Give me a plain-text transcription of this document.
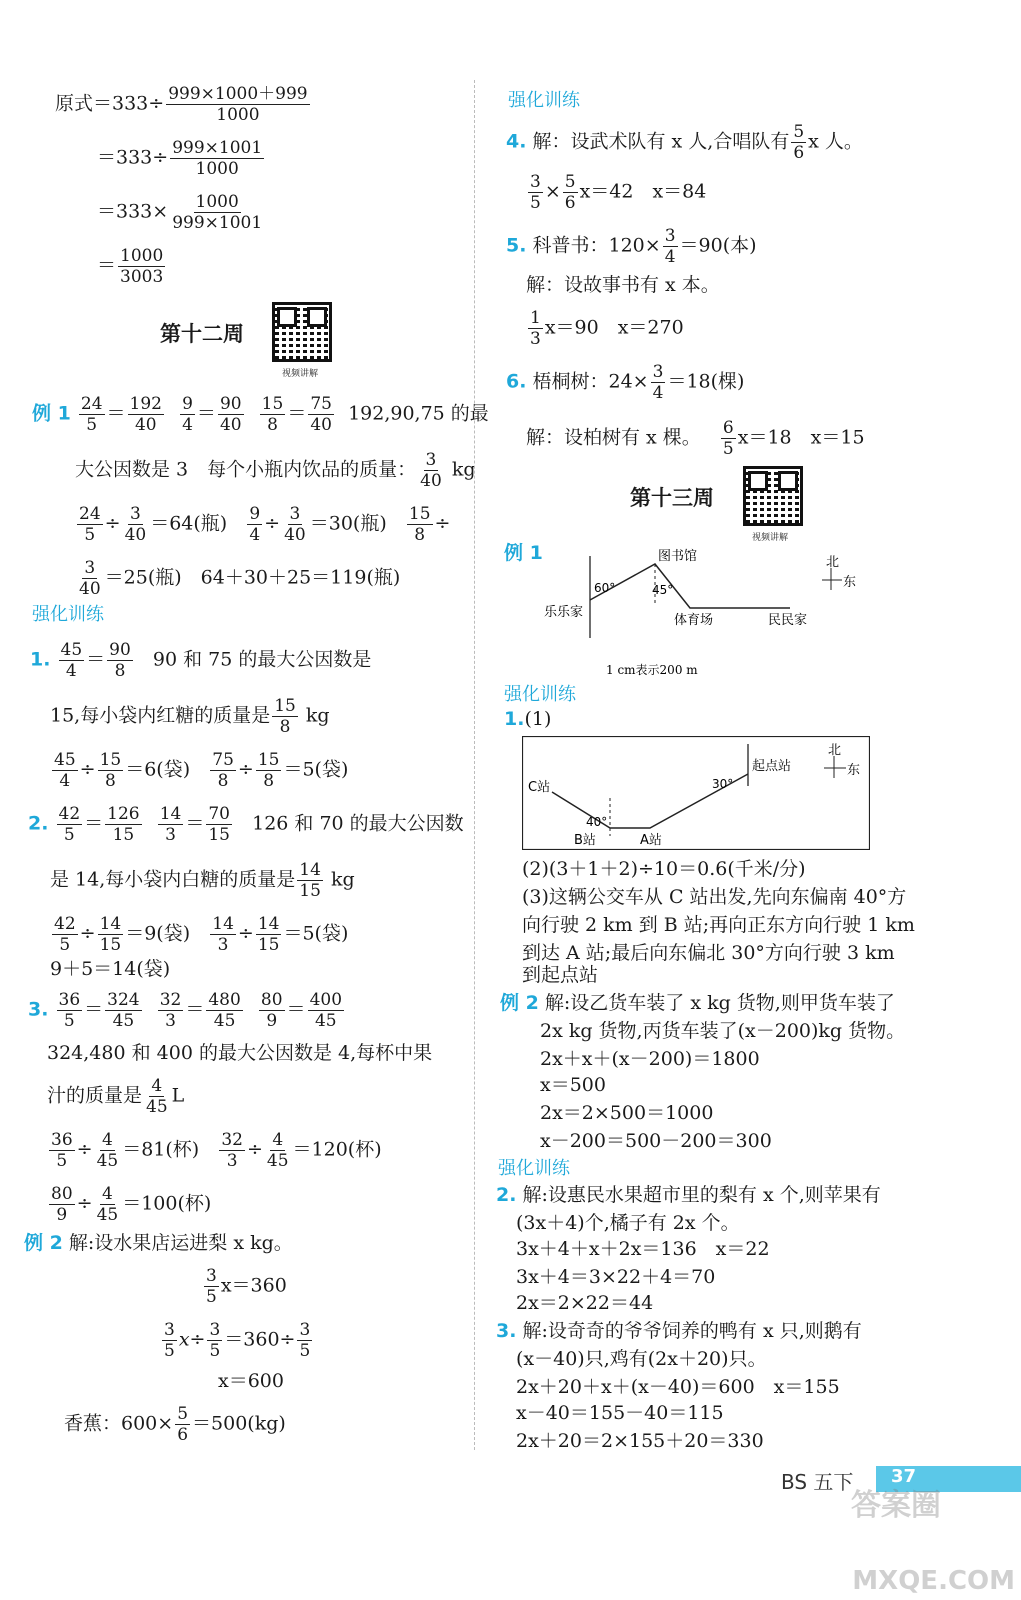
原式$=333\div \frac{999\times 1000+999}{1000}$
$=333\div \frac{999\times 1001}{1000}$
$=333\times \frac{1000}{999\times 1001}$
＝ $\frac{1000}{3003}$
第十二周
视频讲解
例 $1 \frac{24}{5} = \frac{192}{40}$
$\frac{9}{4} = \frac{90}{40}$
$\frac{15}{8} = \frac{75}{40} 192,90,75$ 的最
大公因数是 3　每个小瓶内饮品的质量： $\frac{3}{40}$ kg
$\frac{24}{5} \div \frac{3}{40} =64$(瓶) $\frac{9}{4} \div \frac{3}{40} =30$(瓶) $\frac{15}{8}$ ÷
$\frac{3}{40} =25$(瓶)　64＋30＋25＝119(瓶)
强化训练
1. $\frac{45}{4} = \frac{90}{8} 90$ 和 75 的最大公因数是
15,每小袋内红糖的质量是 $\frac{15}{8}$ kg
$\frac{45}{4} \div \frac{15}{8} =6$(袋) $\frac{75}{8} \div \frac{15}{8} =5$(袋)
2. $\frac{42}{5} = \frac{126}{15}$
$\frac{14}{3} = \frac{70}{15} 126$ 和 70 的最大公因数
是 14,每小袋内白糖的质量是 $\frac{14}{15}$ kg
$\frac{42}{5} \div \frac{14}{15} =9$(袋) $\frac{14}{3} \div \frac{14}{15} =5$(袋)
9＋5＝14(袋)
3. $\frac{36}{5} = \frac{324}{45}$
$\frac{32}{3} = \frac{480}{45}$
$\frac{80}{9} = \frac{400}{45}$
324,480 和 400 的最大公因数是 4,每杯中果
汁的质量是 $\frac{4}{45}$ L
$\frac{36}{5} \div \frac{4}{45} =81$(杯) $\frac{32}{3} \div \frac{4}{45} =120$(杯)
$\frac{80}{9} \div \frac{4}{45} =100$(杯)
例 2 解:设水果店运进梨 x kg。
$\frac{3}{5} x=360$
$\frac{3}{5} x\div \frac{3}{5} =360\div \frac{3}{5}$
x＝600
香蕉：$600\times \frac{5}{6} =500(kg)$
强化训练
4. 解：设武术队有 x 人,合唱队有 $\frac{5}{6}$ x 人。
$\frac{3}{5} \times \frac{5}{6} x=42$　x＝84
5. 科普书：$120\times \frac{3}{4} =90$(本)
解：设故事书有 x 本。
$\frac{1}{3} x=90$　x＝270
6. 梧桐树：$24\times \frac{3}{4} =18$(棵)
解：设柏树有 x 棵。 $\frac{6}{5} x=18$　x＝15
第十三周
视频讲解
例 1	图书馆
60°	45°
乐乐家
体育场	民民家
北
东
1 cm表示200 m
强化训练
1.(1)
C站
B站	A站
起点站
40°
30°
北
东
(2)(3＋1＋2)÷10＝0.6(千米/分)
(3)这辆公交车从 C 站出发,先向东偏南 40°方
向行驶 2 km 到 B 站;再向正东方向行驶 1 km
到达 A 站;最后向东偏北 30°方向行驶 3 km
到起点站
例 2 解:设乙货车装了 x kg 货物,则甲货车装了
2x kg 货物,丙货车装了(x－200)kg 货物。
2x＋x＋(x－200)＝1800
x＝500
2x＝2×500＝1000
x－200＝500－200＝300
强化训练
2. 解:设惠民水果超市里的梨有 x 个,则苹果有
(3x＋4)个,橘子有 2x 个。
3x＋4＋x＋2x＝136　x＝22
3x＋4＝3×22＋4＝70
2x＝2×22＝44
3. 解:设奇奇的爷爷饲养的鸭有 x 只,则鹅有
(x－40)只,鸡有(2x＋20)只。
2x＋20＋x＋(x－40)＝600　x＝155
x－40＝155－40＝115
2x＋20＝2×155＋20＝330
BS 五下 37
答案圈
MXQE.COM
